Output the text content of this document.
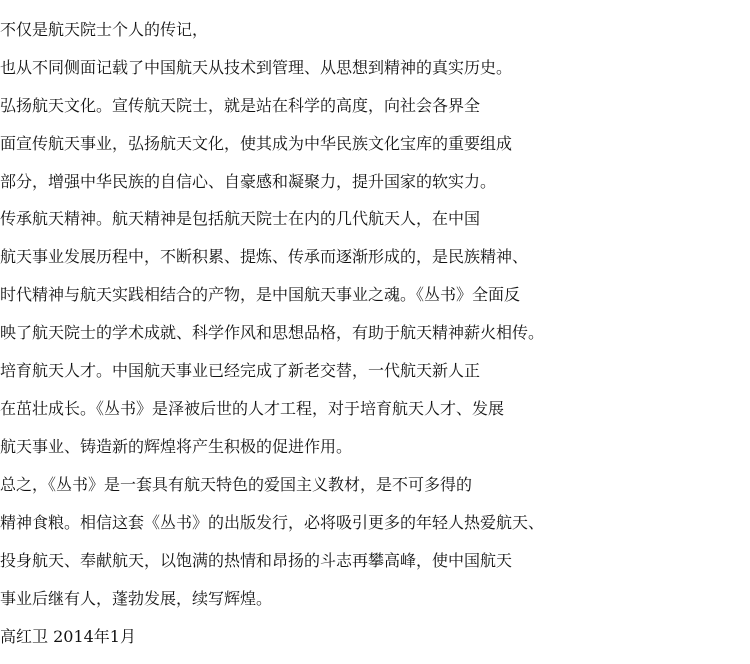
不仅是航天院士个人的传记，
也从不同侧面记载了中国航天从技术到管理、从思想到精神的真实历史。
弘扬航天文化。宣传航天院士，就是站在科学的高度，向社会各界全
面宣传航天事业，弘扬航天文化，使其成为中华民族文化宝库的重要组成
部分，增强中华民族的自信心、自豪感和凝聚力，提升国家的软实力。
传承航天精神。航天精神是包括航天院士在内的几代航天人，在中国
航天事业发展历程中，不断积累、提炼、传承而逐渐形成的，是民族精神、
时代精神与航天实践相结合的产物，是中国航天事业之魂。《丛书》全面反
映了航天院士的学术成就、科学作风和思想品格，有助于航天精神薪火相传。
培育航天人才。中国航天事业已经完成了新老交替，一代航天新人正
在茁壮成长。《丛书》是泽被后世的人才工程，对于培育航天人才、发展
航天事业、铸造新的辉煌将产生积极的促进作用。
总之，《丛书》是一套具有航天特色的爱国主义教材，是不可多得的
精神食粮。相信这套《丛书》的出版发行，必将吸引更多的年轻人热爱航天、
投身航天、奉献航天，以饱满的热情和昂扬的斗志再攀高峰，使中国航天
事业后继有人，蓬勃发展，续写辉煌。
高红卫 2014年1月
